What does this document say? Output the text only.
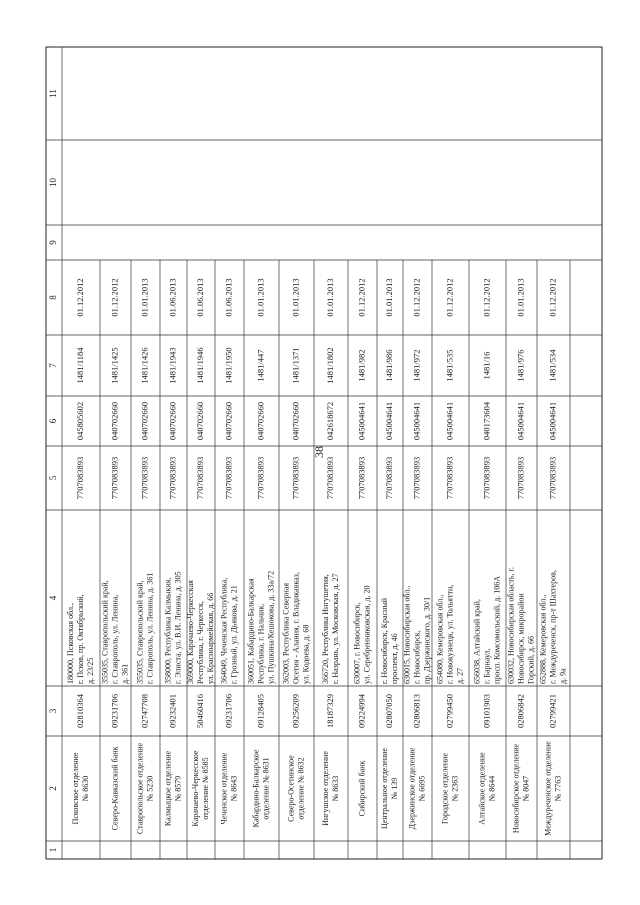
38
1
2
3
4
5
6
7
8
9
10
11
Псковское отделение № 8630
02810364
180000, Псковская обл., г. Псков, пр. Октябрьский, д. 23/25
7707083893
045805602
1481/1184
01.12.2012
Северо-Кавказский банк
09231706
355035, Ставропольский край, г. Ставрополь, ул. Ленина, д. 361
7707083893
040702660
1481/1425
01.12.2012
Ставропольское отделение № 5230
02747708
355035, Ставропольский край, г. Ставрополь, ул. Ленина, д. 361
7707083893
040702660
1481/1426
01.01.2013
Калмыцкое отделение № 8579
09232401
358000, Республика Калмыкия, г. Элиста, ул. В.И. Ленина, д. 305
7707083893
040702660
1481/1943
01.06.2013
Карачаево-Черкесское отделение № 8585
50460416
369000, Карачаево-Черкесская Республика, г. Черкесск, ул. Красноармейская, д. 66
7707083893
040702660
1481/1946
01.06.2013
Чеченское отделение № 8643
09231706
364049, Чеченская Республика, г. Грозный, ул. Дьякова, д. 21
7707083893
040702660
1481/1950
01.06.2013
Кабардино-Балкарское отделение № 8631
09128405
360051, Кабардино-Балкарская Республика, г. Нальчик, ул. Пушкина/Кешокова, д. 33а/72
7707083893
040702660
1481/447
01.01.2013
Северо-Осетинское отделение № 8632
09256209
362003, Республика Северная Осетия - Алания, г. Владикавказ, ул. Кодоева, д. 68
7707083893
040702660
1481/1371
01.01.2013
Ингушское отделение № 8633
18187329
366720, Республика Ингушетия, г. Назрань, ул. Московская, д. 27
7707083893
042618672
1481/1802
01.01.2013
Сибирский банк
09224994
630007, г. Новосибирск, ул. Серебренниковская, д. 20
7707083893
045004641
1481/982
01.12.2012
Центральное отделение № 139
02807050
г. Новосибирск, Красный проспект, д. 46
7707083893
045004641
1481/986
01.01.2013
Дзержинское отделение № 6695
02806813
630015, Новосибирская обл., г. Новосибирск, пр. Дзержинского, д. 30/1
7707083893
045004641
1481/972
01.12.2012
Городское отделение № 2363
02799450
654080, Кемеровская обл., г. Новокузнецк, ул. Тольятти, д. 27
7707083893
045004641
1481/535
01.12.2012
Алтайское отделение № 8644
09101903
656038, Алтайский край, г. Барнаул, просп. Комсомольский, д. 106А
7707083893
040173604
1481/16
01.12.2012
Новосибирское отделение № 8047
02806842
630032, Новосибирская область, г. Новосибирск, микрорайон Горский, д. 66
7707083893
045004641
1481/976
01.01.2013
Междуреченское отделение № 7763
02799421
652888, Кемеровская обл., г. Междуреченск, пр-т Шахтеров, д. 9а
7707083893
045004641
1481/534
01.12.2012
